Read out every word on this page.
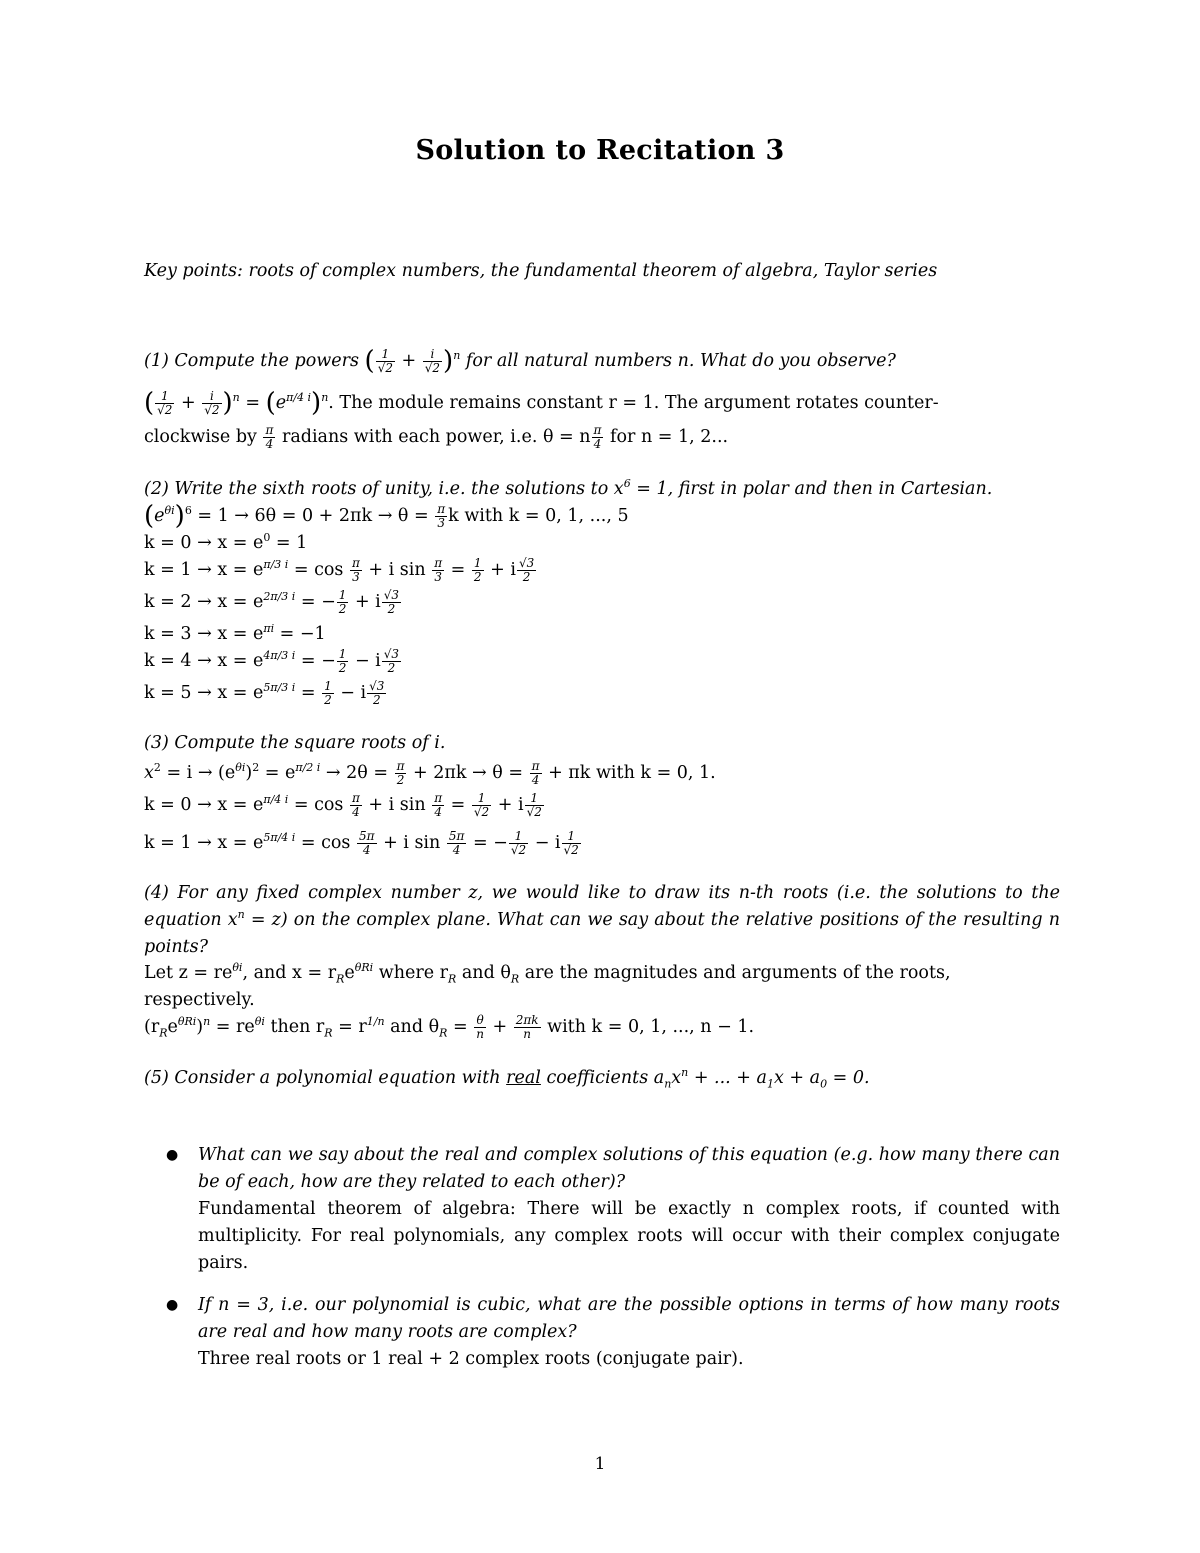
Solution to Recitation 3
Key points: roots of complex numbers, the fundamental theorem of algebra, Taylor series
(1) Compute the powers ( $\frac{1}{√2} + \frac{i}{√2} )^n$ for all natural numbers n. What do you observe?
( $\frac{1}{√2} + \frac{i}{√2} )^n = (e^{\pi/4 i})^n$. The module remains constant r = 1. The argument rotates counter-
clockwise by $\frac{\pi}{4}$ radians with each power, i.e. θ = n $\frac{\pi}{4}$ for n = 1, 2...
(2) Write the sixth roots of unity, i.e. the solutions to $x^6 = 1$, first in polar and then in Cartesian.
$(e^{\theta i})^6 = 1 \to 6\theta = 0 + 2\pi k \to \theta = \frac{\pi}{3}$ k with k = 0, 1, ..., 5
$k = 0 \to x = e^0 = 1$
$k = 1 \to x = e^{\pi/3 i} = \cos \frac{\pi}{3} + i$ $\sin \frac{\pi}{3} = \frac{1}{2} + i \frac{√3}{2}$
$k = 2 \to x = e^{2\pi/3 i}$ = − $\frac{1}{2} + i \frac{√3}{2}$
$k = 3 \to x = e^{\pi i} = -1$
$k = 4 \to x = e^{4\pi/3 i}$ = − $\frac{1}{2} - i \frac{√3}{2}$
$k = 5 \to x = e^{5\pi/3 i} = \frac{1}{2} - i \frac{√3}{2}$
(3) Compute the square roots of i.
$x^2 = i \to (e^{\theta i})^2 = e^{\pi/2 i} \to 2\theta = \frac{\pi}{2} + 2\pi k \to \theta = \frac{\pi}{4} + \pi k$ with k = 0, 1.
$k = 0 \to x = e^{\pi/4 i} = \cos \frac{\pi}{4} + i$ $\sin \frac{\pi}{4} = \frac{1}{√2} + i \frac{1}{√2}$
$k = 1 \to x = e^{5\pi/4 i} = \cos \frac{5\pi}{4} + i$ $\sin \frac{5\pi}{4}$ = − $\frac{1}{√2} - i \frac{1}{√2}$
(4) For any fixed complex number z, we would like to draw its n-th roots (i.e. the solutions to the equation $x^n = z$) on the complex plane. What can we say about the relative positions of the resulting n points?
Let $z = re^{\theta i}$, and $x = r_Re^{\theta Ri}$ where $r_R$ and $\theta_R$ are the magnitudes and arguments of the roots,
respectively.
$(r_Re^{\theta Ri})^n = re^{\theta i}$ then $r_R = r^{1/n}$ and $\theta_R = \frac{\theta}{n} + \frac{2\pi k}{n}$ with k = 0, 1, ..., n − 1.
(5) Consider a polynomial equation with real coefficients $a_nx^n$ + ... + $a_1x + a_0 = 0$.
● What can we say about the real and complex solutions of this equation (e.g. how many there can be of each, how are they related to each other)?
Fundamental theorem of algebra: There will be exactly n complex roots, if counted with multiplicity. For real polynomials, any complex roots will occur with their complex conjugate pairs.
● If n = 3, i.e. our polynomial is cubic, what are the possible options in terms of how many roots are real and how many roots are complex?
Three real roots or 1 real + 2 complex roots (conjugate pair).
1
